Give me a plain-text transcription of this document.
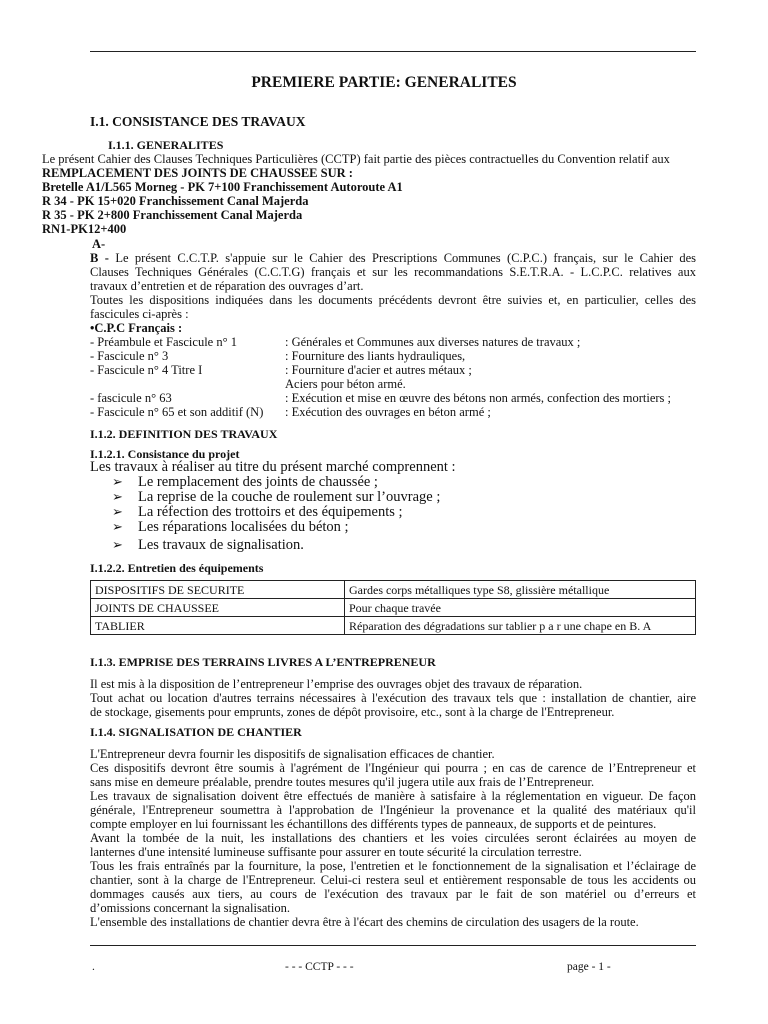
PREMIERE PARTIE: GENERALITES
I.1. CONSISTANCE DES TRAVAUX
I.1.1. GENERALITES
Le présent Cahier des Clauses Techniques Particulières (CCTP) fait partie des pièces contractuelles du Convention relatif aux
REMPLACEMENT DES JOINTS DE CHAUSSEE SUR :
Bretelle A1/L565 Morneg - PK 7+100 Franchissement Autoroute A1
R 34 - PK 15+020 Franchissement Canal Majerda
R 35 - PK 2+800 Franchissement Canal Majerda
RN1-PK12+400
A-
B - Le présent C.C.T.P. s'appuie sur le Cahier des Prescriptions Communes (C.P.C.) français, sur le Cahier des
Clauses Techniques Générales (C.C.T.G) français et sur les recommandations S.E.T.R.A. - L.C.P.C. relatives aux
travaux d’entretien et de réparation des ouvrages d’art.
Toutes les dispositions indiquées dans les documents précédents devront être suivies et, en particulier, celles des
fascicules ci-après :
•C.P.C Français :
- Préambule et Fascicule n° 1	: Générales et Communes aux diverses natures de travaux ;
- Fascicule n° 3	: Fourniture des liants hydrauliques,
- Fascicule n° 4 Titre I	: Fourniture d'acier et autres métaux ;
Aciers pour béton armé.
- fascicule n° 63	: Exécution et mise en œuvre des bétons non armés, confection des mortiers ;
- Fascicule n° 65 et son additif (N) : Exécution des ouvrages en béton armé ;
I.1.2. DEFINITION DES TRAVAUX
I.1.2.1. Consistance du projet
Les travaux à réaliser au titre du présent marché comprennent :
➢ Le remplacement des joints de chaussée ;
➢ La reprise de la couche de roulement sur l’ouvrage ;
➢ La réfection des trottoirs et des équipements ;
➢ Les réparations localisées du béton ;
➢ Les travaux de signalisation.
I.1.2.2. Entretien des équipements
DISPOSITIFS DE SECURITE	Gardes corps métalliques type S8, glissière métallique
JOINTS DE CHAUSSEE	Pour chaque travée
TABLIER	Réparation des dégradations sur tablier p a r une chape en B. A
I.1.3. EMPRISE DES TERRAINS LIVRES A L’ENTREPRENEUR
Il est mis à la disposition de l’entrepreneur l’emprise des ouvrages objet des travaux de réparation.
Tout achat ou location d'autres terrains nécessaires à l'exécution des travaux tels que : installation de chantier, aire
de stockage, gisements pour emprunts, zones de dépôt provisoire, etc., sont à la charge de l'Entrepreneur.
I.1.4. SIGNALISATION DE CHANTIER
L'Entrepreneur devra fournir les dispositifs de signalisation efficaces de chantier.
Ces dispositifs devront être soumis à l'agrément de l'Ingénieur qui pourra ; en cas de carence de l’Entrepreneur et
sans mise en demeure préalable, prendre toutes mesures qu'il jugera utile aux frais de l’Entrepreneur.
Les travaux de signalisation doivent être effectués de manière à satisfaire à la réglementation en vigueur. De façon
générale, l'Entrepreneur soumettra à l'approbation de l'Ingénieur la provenance et la qualité des matériaux qu'il
compte employer en lui fournissant les échantillons des différents types de panneaux, de supports et de peintures.
Avant la tombée de la nuit, les installations des chantiers et les voies circulées seront éclairées au moyen de
lanternes d'une intensité lumineuse suffisante pour assurer en toute sécurité la circulation terrestre.
Tous les frais entraînés par la fourniture, la pose, l'entretien et le fonctionnement de la signalisation et l’éclairage de
chantier, sont à la charge de l'Entrepreneur. Celui-ci restera seul et entièrement responsable de tous les accidents ou
dommages causés aux tiers, au cours de l'exécution des travaux par le fait de son matériel ou d’erreurs et
d’omissions concernant la signalisation.
L'ensemble des installations de chantier devra être à l'écart des chemins de circulation des usagers de la route.
.	- - - CCTP - - -	page - 1 -
